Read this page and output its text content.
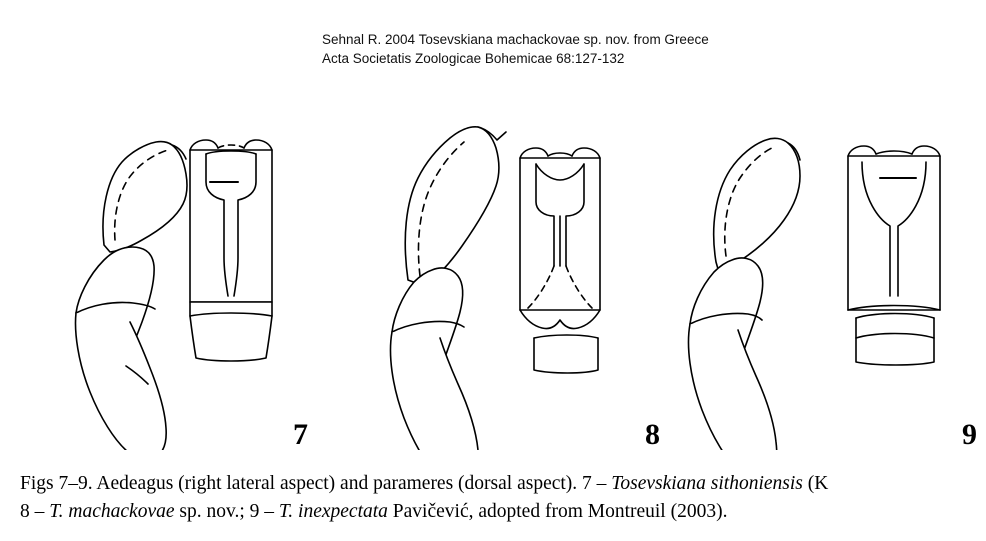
Sehnal R. 2004 Tosevskiana machackovae sp. nov. from Greece
Acta Societatis Zoologicae Bohemicae 68:127-132
7	8	9
Figs 7–9. Aedeagus (right lateral aspect) and parameres (dorsal aspect). 7 – Tosevskiana sithoniensis (K
8 – T. machackovae sp. nov.; 9 – T. inexpectata Pavičević, adopted from Montreuil (2003).
